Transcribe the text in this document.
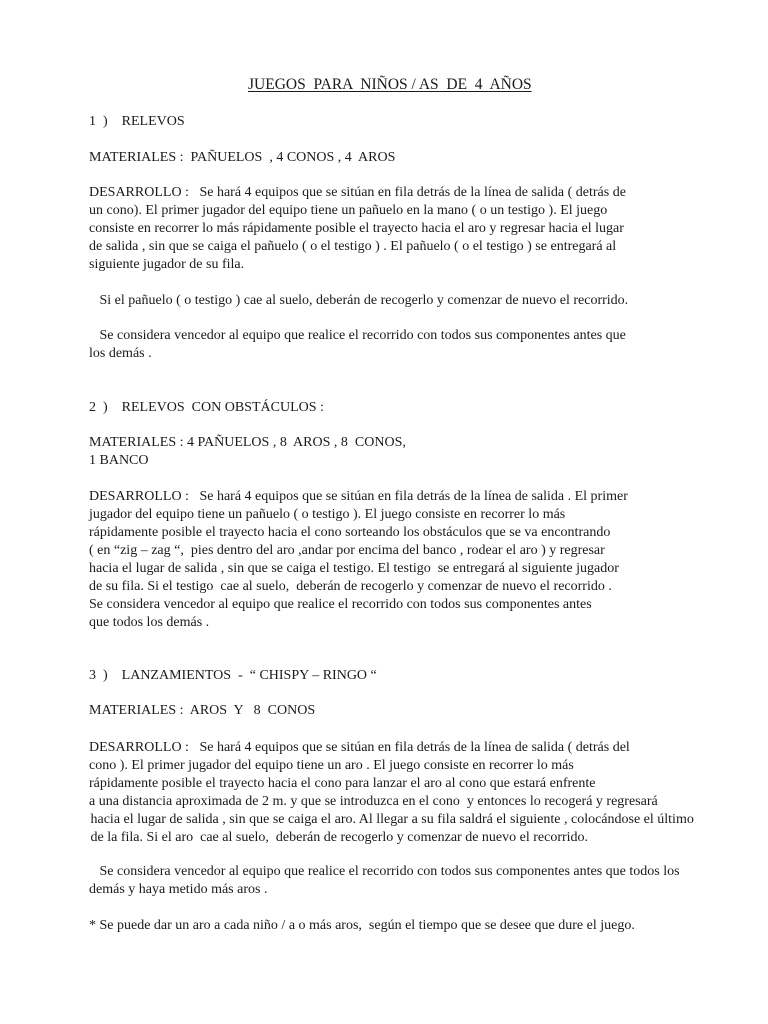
JUEGOS  PARA  NIÑOS / AS  DE  4  AÑOS
1  )    RELEVOS
MATERIALES :  PAÑUELOS  , 4 CONOS , 4  AROS
DESARROLLO :   Se hará 4 equipos que se sitúan en fila detrás de la línea de salida ( detrás de
un cono). El primer jugador del equipo tiene un pañuelo en la mano ( o un testigo ). El juego
consiste en recorrer lo más rápidamente posible el trayecto hacia el aro y regresar hacia el lugar
de salida , sin que se caiga el pañuelo ( o el testigo ) . El pañuelo ( o el testigo ) se entregará al
siguiente jugador de su fila.
Si el pañuelo ( o testigo ) cae al suelo, deberán de recogerlo y comenzar de nuevo el recorrido.
Se considera vencedor al equipo que realice el recorrido con todos sus componentes antes que
los demás .
2  )    RELEVOS  CON OBSTÁCULOS :
MATERIALES : 4 PAÑUELOS , 8  AROS , 8  CONOS,
1 BANCO
DESARROLLO :   Se hará 4 equipos que se sitúan en fila detrás de la línea de salida . El primer
jugador del equipo tiene un pañuelo ( o testigo ). El juego consiste en recorrer lo más
rápidamente posible el trayecto hacia el cono sorteando los obstáculos que se va encontrando
( en “zig – zag “,  pies dentro del aro ,andar por encima del banco , rodear el aro ) y regresar
hacia el lugar de salida , sin que se caiga el testigo. El testigo  se entregará al siguiente jugador
de su fila. Si el testigo  cae al suelo,  deberán de recogerlo y comenzar de nuevo el recorrido .
Se considera vencedor al equipo que realice el recorrido con todos sus componentes antes
que todos los demás .
3  )    LANZAMIENTOS  -  “ CHISPY – RINGO “
MATERIALES :  AROS  Y   8  CONOS
DESARROLLO :   Se hará 4 equipos que se sitúan en fila detrás de la línea de salida ( detrás del
cono ). El primer jugador del equipo tiene un aro . El juego consiste en recorrer lo más
rápidamente posible el trayecto hacia el cono para lanzar el aro al cono que estará enfrente
a una distancia aproximada de 2 m. y que se introduzca en el cono  y entonces lo recogerá y regresará
hacia el lugar de salida , sin que se caiga el aro. Al llegar a su fila saldrá el siguiente , colocándose el último
de la fila. Si el aro  cae al suelo,  deberán de recogerlo y comenzar de nuevo el recorrido.
Se considera vencedor al equipo que realice el recorrido con todos sus componentes antes que todos los
demás y haya metido más aros .
* Se puede dar un aro a cada niño / a o más aros,  según el tiempo que se desee que dure el juego.
